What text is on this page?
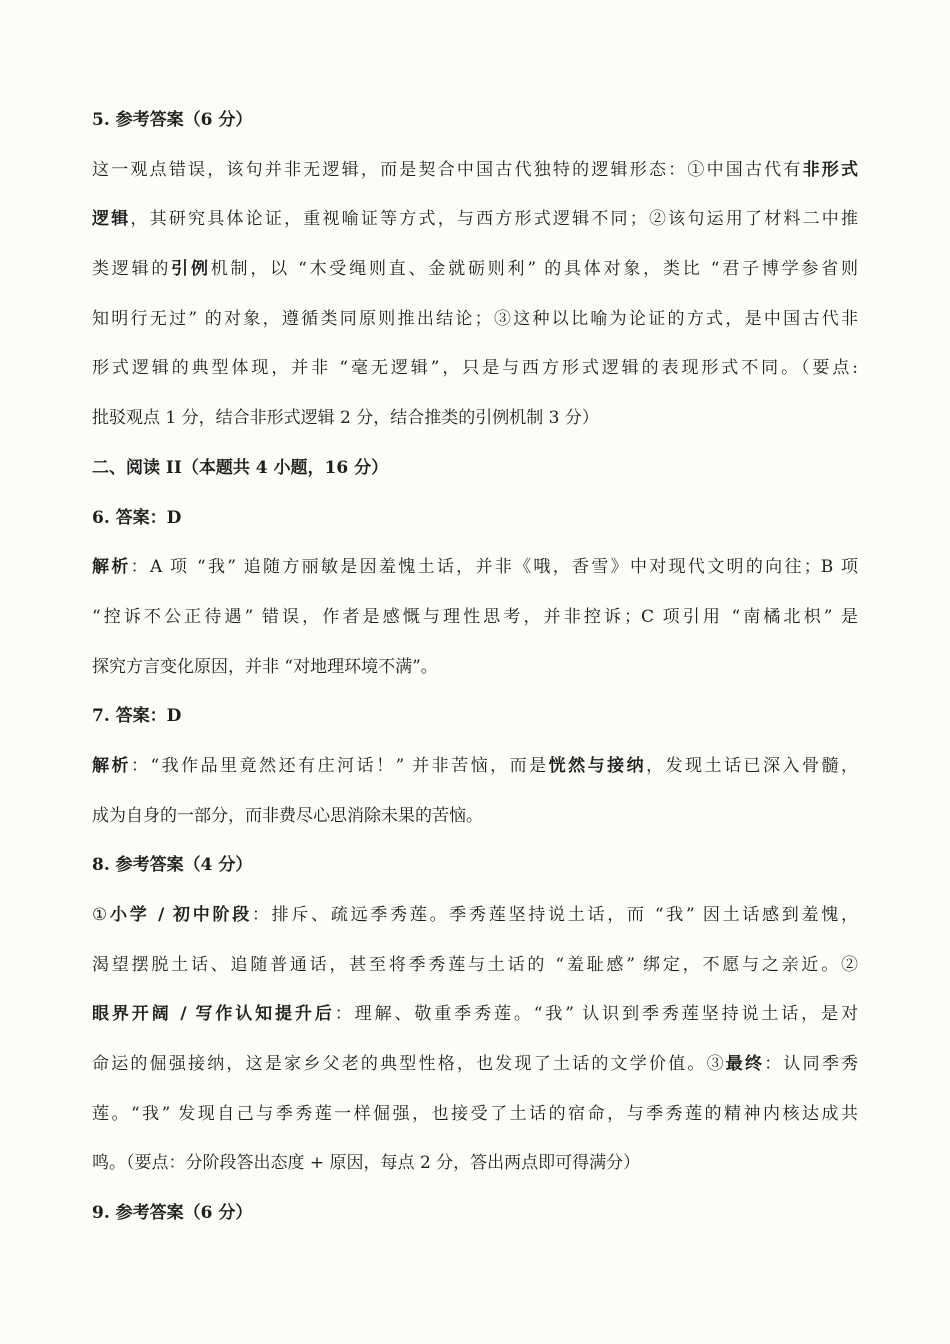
5. 参考答案（6 分）
这一观点错误，该句并非无逻辑，而是契合中国古代独特的逻辑形态：①中国古代有非形式
逻辑，其研究具体论证，重视喻证等方式，与西方形式逻辑不同；②该句运用了材料二中推
类逻辑的引例机制，以 “木受绳则直、金就砺则利” 的具体对象，类比 “君子博学参省则
知明行无过” 的对象，遵循类同原则推出结论；③这种以比喻为论证的方式，是中国古代非
形式逻辑的典型体现，并非 “毫无逻辑”，只是与西方形式逻辑的表现形式不同。（要点:
批驳观点 1 分，结合非形式逻辑 2 分，结合推类的引例机制 3 分）
二、阅读 II（本题共 4 小题，16 分）
6. 答案：D
解析：A 项 “我” 追随方丽敏是因羞愧土话，并非《哦，香雪》中对现代文明的向往；B 项
“控诉不公正待遇” 错误，作者是感慨与理性思考，并非控诉；C 项引用 “南橘北枳” 是
探究方言变化原因，并非 “对地理环境不满”。
7. 答案：D
解析：“我作品里竟然还有庄河话！” 并非苦恼，而是恍然与接纳，发现土话已深入骨髓，
成为自身的一部分，而非费尽心思消除未果的苦恼。
8. 参考答案（4 分）
①小学 / 初中阶段：排斥、疏远季秀莲。季秀莲坚持说土话，而 “我” 因土话感到羞愧，
渴望摆脱土话、追随普通话，甚至将季秀莲与土话的 “羞耻感” 绑定，不愿与之亲近。②
眼界开阔 / 写作认知提升后：理解、敬重季秀莲。“我” 认识到季秀莲坚持说土话，是对
命运的倔强接纳，这是家乡父老的典型性格，也发现了土话的文学价值。③最终：认同季秀
莲。“我” 发现自己与季秀莲一样倔强，也接受了土话的宿命，与季秀莲的精神内核达成共
鸣。（要点：分阶段答出态度 + 原因，每点 2 分，答出两点即可得满分）
9. 参考答案（6 分）
